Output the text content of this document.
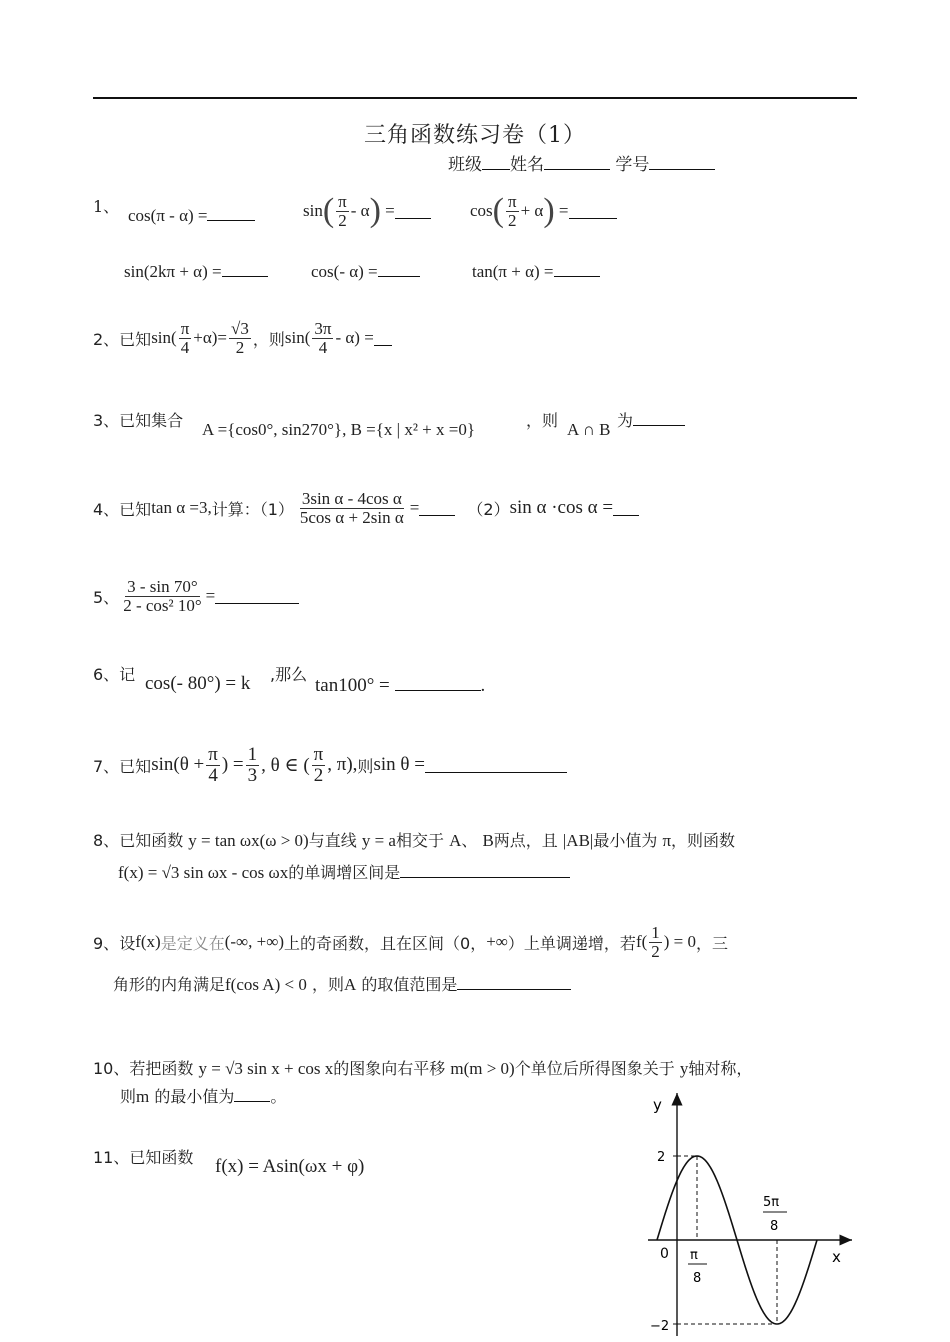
三角函数练习卷（1）
班级 姓名	学号
1、 cos(π - α) =	sin ( $\frac{\pi}{2}$ - α )
=	cos ( $\frac{\pi}{2} + \alpha$ )
=
sin(2kπ + α) =	cos(- α) =	tan(π + α) =
2、已知 $\sin( \frac{\pi}{4} +\alpha)= \frac{√3}{2}$ ，则 $\sin( \frac{3\pi}{4} - \alpha)$ =
3、已知集合 A ={cos0°, sin270°}, B ={x | x² + x =0}	，则 A ∩ B 为
4、已知 tan α =3, 计算：$(1) \frac{\text{3sin α - 4cos α}}{\text{5cos α + 2sin α}}$ =	（2） sin α ·cos α =
5、 $\frac{3 - \sin 70^\circ}{\text{2 - cos² 10°}}$ =
6、记 cos(- 80°) = k ,那么
tan100° =	.
7、已知 $\sin(\theta + \frac{\pi}{4}$ ) = $\frac{1}{3}$ , θ ∈ ( $\frac{\pi}{2}$ , π), 则 sin θ =
8、已知函数 y = tan ωx(ω > 0)与直线 y = a相交于 A、 B两点，且 |AB|最小值为 π，则函数
f(x) = √3 sin ωx - cos ωx的单调增区间是
9、 设 f(x) 是定义在 (-∞, +∞) 上的奇函数，且在区间（0， +∞ ）上单调递增，若 $f( \frac{1}{2}$ ) = 0 ，三
角形的内角满足f(cos A) < 0 ，则A 的取值范围是
10、若把函数 y = √3 sin x + cos x的图象向右平移 m(m > 0)个单位后所得图象关于 y轴对称，
则m 的最小值为 。
11、已知函数 f(x) = Asin(ωx + φ)
y
x
0
2
−2
π
8
5π
8
